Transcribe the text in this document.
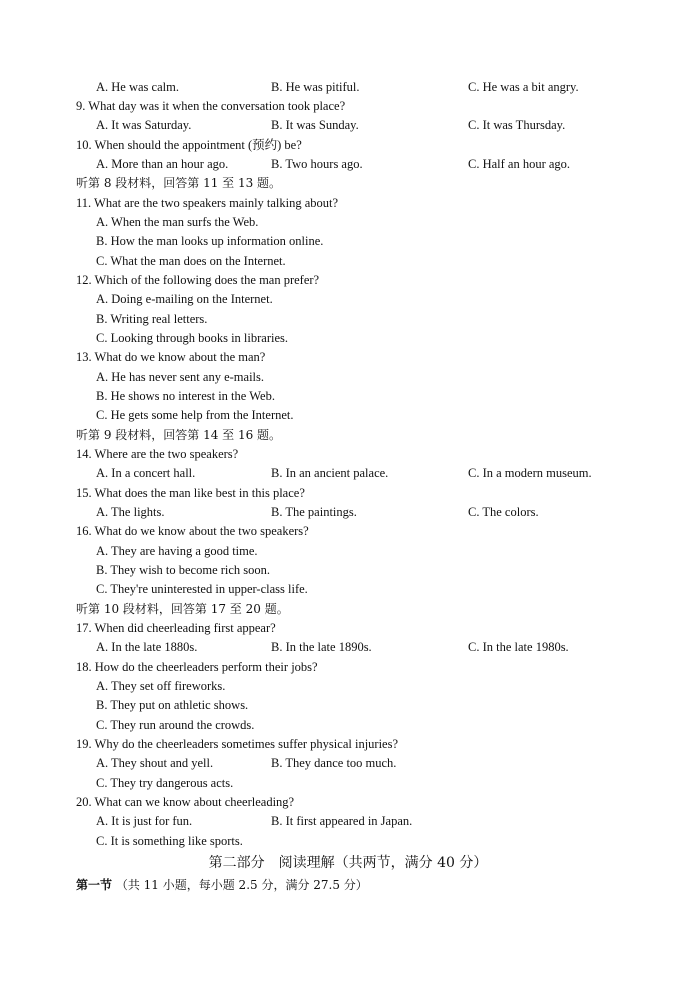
A. He was calm.	B. He was pitiful.	C. He was a bit angry.
9. What day was it when the conversation took place?
A. It was Saturday.	B. It was Sunday.	C. It was Thursday.
10. When should the appointment (预约) be?
A. More than an hour ago.	B. Two hours ago.	C. Half an hour ago.
听第 8 段材料，回答第 11 至 13 题。
11. What are the two speakers mainly talking about?
A. When the man surfs the Web.
B. How the man looks up information online.
C. What the man does on the Internet.
12. Which of the following does the man prefer?
A. Doing e-mailing on the Internet.
B. Writing real letters.
C. Looking through books in libraries.
13. What do we know about the man?
A. He has never sent any e-mails.
B. He shows no interest in the Web.
C. He gets some help from the Internet.
听第 9 段材料，回答第 14 至 16 题。
14. Where are the two speakers?
A. In a concert hall.	B. In an ancient palace.	C. In a modern museum.
15. What does the man like best in this place?
A. The lights.	B. The paintings.	C. The colors.
16. What do we know about the two speakers?
A. They are having a good time.
B. They wish to become rich soon.
C. They're uninterested in upper-class life.
听第 10 段材料，回答第 17 至 20 题。
17. When did cheerleading first appear?
A. In the late 1880s.	B. In the late 1890s.	C. In the late 1980s.
18. How do the cheerleaders perform their jobs?
A. They set off fireworks.
B. They put on athletic shows.
C. They run around the crowds.
19. Why do the cheerleaders sometimes suffer physical injuries?
A. They shout and yell.	B. They dance too much.
C. They try dangerous acts.
20. What can we know about cheerleading?
A. It is just for fun.	B. It first appeared in Japan.
C. It is something like sports.
第二部分　阅读理解（共两节，满分 40 分）
第一节 （共 11 小题，每小题 2.5 分，满分 27.5 分）
